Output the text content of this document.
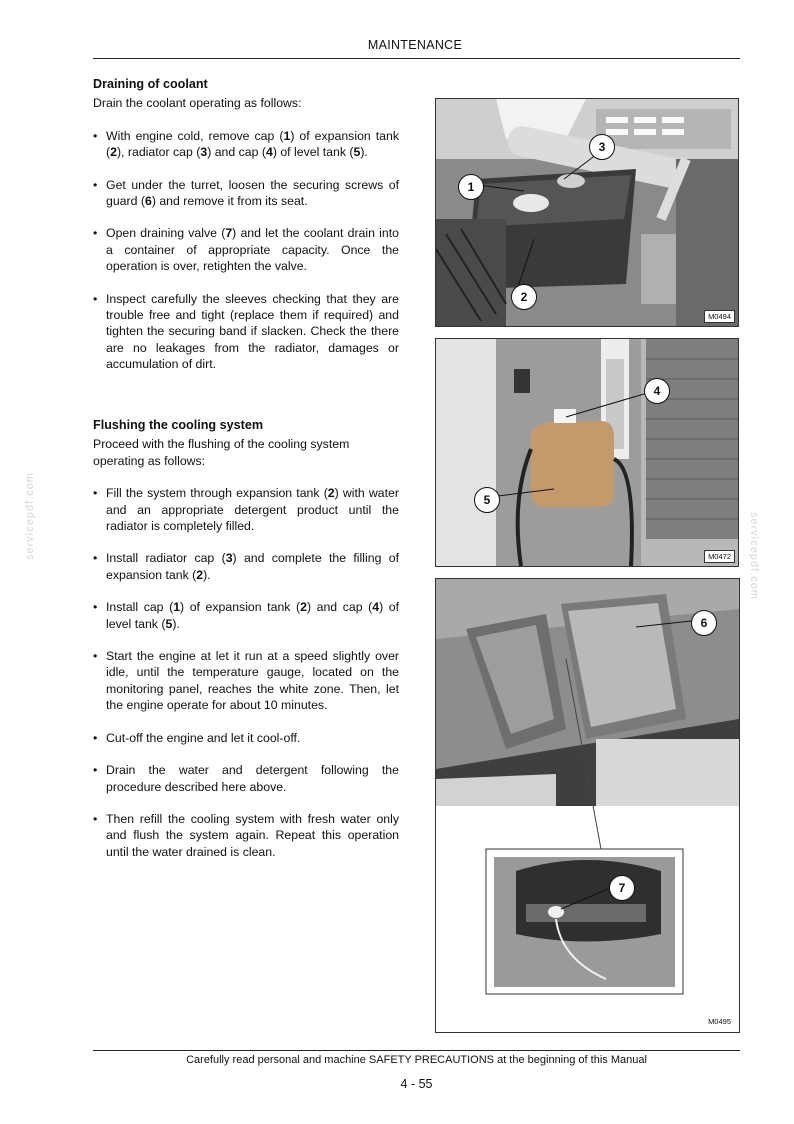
MAINTENANCE
servicepdf.com	servicepdf.com
Draining of coolant
Drain the coolant operating as follows:
• With engine cold, remove cap (1) of expansion tank (2), radiator cap (3) and cap (4) of level tank (5).
• Get under the turret, loosen the securing screws of guard (6) and remove it from its seat.
• Open draining valve (7) and let the coolant drain into a container of appropriate capacity. Once the operation is over, retighten the valve.
• Inspect carefully the sleeves checking that they are trouble free and tight (replace them if required) and tighten the securing band if slacken. Check the there are no leakages from the radiator, damages or accumulation of dirt.
Flushing the cooling system
Proceed with the flushing of the cooling system operating as follows:
• Fill the system through expansion tank (2) with water and an appropriate detergent product until the radiator is completely filled.
• Install radiator cap (3) and complete the filling of expansion tank (2).
• Install cap (1) of expansion tank (2) and cap (4) of level tank (5).
• Start the engine at let it run at a speed slightly over idle, until the temperature gauge, located on the monitoring panel, reaches the white zone. Then, let the engine operate for about 10 minutes.
• Cut-off the engine and let it cool-off.
• Drain the water and detergent following the procedure described here above.
• Then refill the cooling system with fresh water only and flush the system again. Repeat this operation until the water drained is clean.
1
3
2
M0494
4
5
M0472
6
7
M0495
Carefully read personal and machine SAFETY PRECAUTIONS at the beginning of this Manual
4 - 55
